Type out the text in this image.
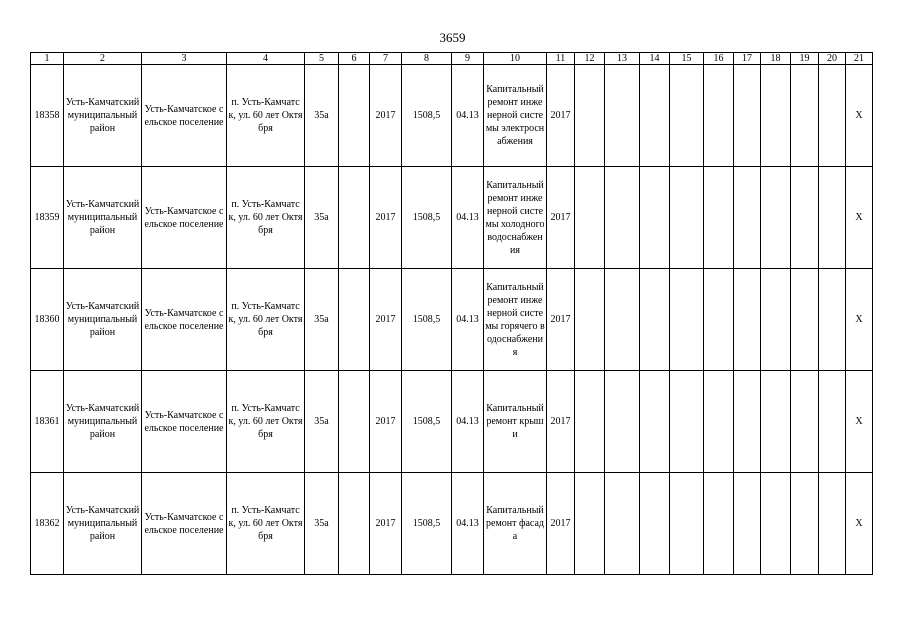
3659
1	2	3	4	5	6	7	8	9	10	11	12	13	14	15	16	17	18	19	20	21
18358	Усть-Камчатский муниципальный район	Усть-Камчатское сельское поселение	п. Усть-Камчатск, ул. 60 лет Октября	35а		2017	1508,5	04.13	Капитальный ремонт инженерной системы электроснабжения	2017										X
18359	Усть-Камчатский муниципальный район	Усть-Камчатское сельское поселение	п. Усть-Камчатск, ул. 60 лет Октября	35а		2017	1508,5	04.13	Капитальный ремонт инженерной системы холодного водоснабжения	2017										X
18360	Усть-Камчатский муниципальный район	Усть-Камчатское сельское поселение	п. Усть-Камчатск, ул. 60 лет Октября	35а		2017	1508,5	04.13	Капитальный ремонт инженерной системы горячего водоснабжения	2017										X
18361	Усть-Камчатский муниципальный район	Усть-Камчатское сельское поселение	п. Усть-Камчатск, ул. 60 лет Октября	35а		2017	1508,5	04.13	Капитальный ремонт крыши	2017										X
18362	Усть-Камчатский муниципальный район	Усть-Камчатское сельское поселение	п. Усть-Камчатск, ул. 60 лет Октября	35а		2017	1508,5	04.13	Капитальный ремонт фасада	2017										X
